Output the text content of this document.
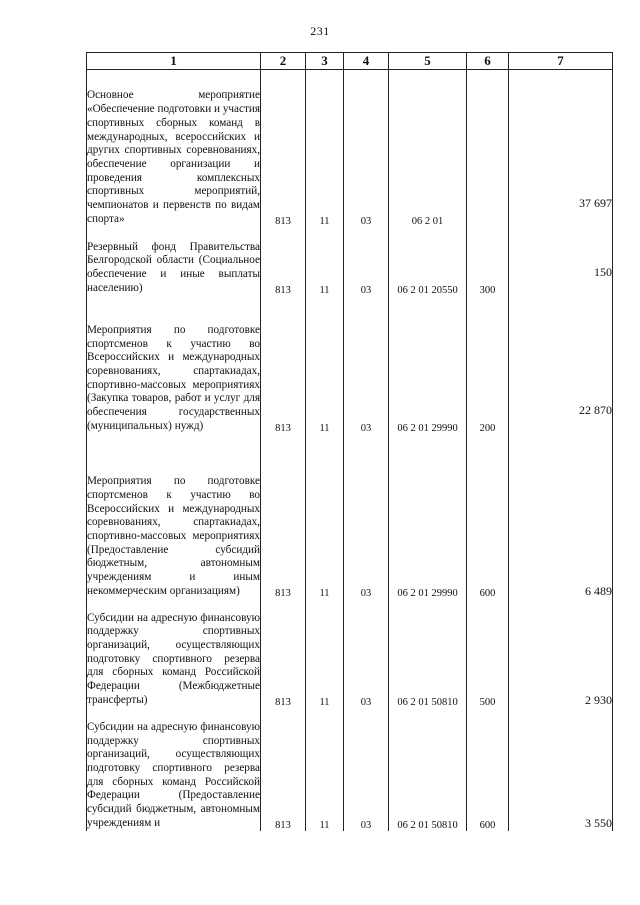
231
1	2	3	4	5	6	7
Основное мероприятие «Обеспечение подготовки и участия спортивных сборных команд в международных, всероссийских и других спортивных соревнованиях, обеспечение организации и проведения комплексных спортивных мероприятий, чемпионатов и первенств по видам спорта»	813	11	03	06 2 01		37 697
Резервный фонд Правительства Белгородской области (Социальное обеспечение и иные выплаты населению)	813	11	03	06 2 01 20550	300	150
Мероприятия по подготовке спортсменов к участию во Всероссийских и международных соревнованиях, спартакиадах, спортивно-массовых мероприятиях (Закупка товаров, работ и услуг для обеспечения государственных (муниципальных) нужд)	813	11	03	06 2 01 29990	200	22 870
Мероприятия по подготовке спортсменов к участию во Всероссийских и международных соревнованиях, спартакиадах, спортивно-массовых мероприятиях (Предоставление субсидий бюджетным, автономным учреждениям и иным некоммерческим организациям)	813	11	03	06 2 01 29990	600	6 489
Субсидии на адресную финансовую поддержку спортивных организаций, осуществляющих подготовку спортивного резерва для сборных команд Российской Федерации (Межбюджетные трансферты)	813	11	03	06 2 01 50810	500	2 930
Субсидии на адресную финансовую поддержку спортивных организаций, осуществляющих подготовку спортивного резерва для сборных команд Российской Федерации (Предоставление субсидий бюджетным, автономным учреждениям и	813	11	03	06 2 01 50810	600	3 550
